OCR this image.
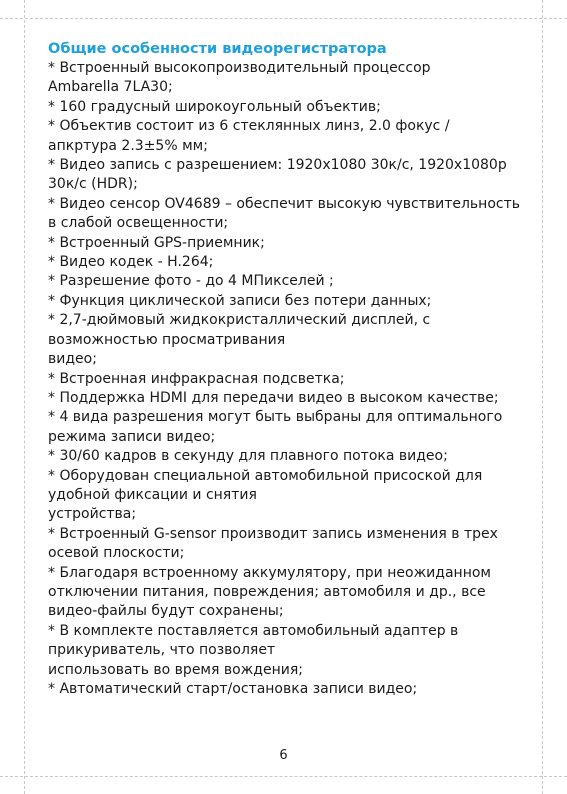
Общие особенности видеорегистратора

* Встроенный высокопроизводительный процессор

Ambarella 7LA30;

* 160 градусный широкоугольный объектив;

* Объектив состоит из 6 стеклянных линз, 2.0 фокус /

апкртура 2.3±5% мм;

* Видео запись с разрешением: 1920x1080 30к/с, 1920x1080р

30к/с (HDR);

* Видео сенсор OV4689 – обеспечит высокую чувствительность

в слабой освещенности;

* Встроенный GPS-приемник;

* Видео кодек - H.264;

* Разрешение фото - до 4 МПикселей ;

* Функция циклической записи без потери данных;

* 2,7-дюймовый жидкокристаллический дисплей, с

возможностью просматривания

видео;

* Встроенная инфракрасная подсветка;

* Поддержка HDMI для передачи видео в высоком качестве;

* 4 вида разрешения могут быть выбраны для оптимального

режима записи видео;

* 30/60 кадров в секунду для плавного потока видео;

* Оборудован специальной автомобильной присоской для

удобной фиксации и снятия

устройства;

* Встроенный G-sensor производит запись изменения в трех

осевой плоскости;

* Благодаря встроенному аккумулятору, при неожиданном

отключении питания, повреждения; автомобиля и др., все

видео-файлы будут сохранены;

* В комплекте поставляется автомобильный адаптер в

прикуриватель, что позволяет

использовать во время вождения;

* Автоматический старт/остановка записи видео;

6
